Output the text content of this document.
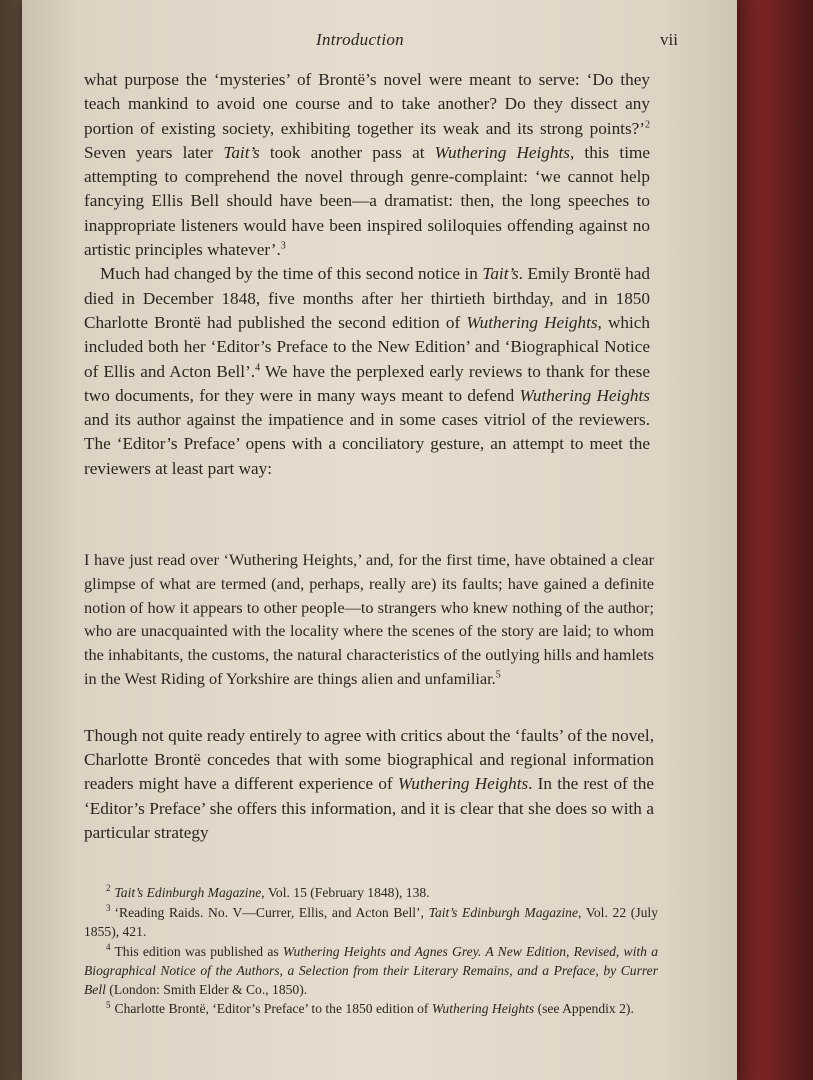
Introduction	vii

what purpose the ‘mysteries’ of Brontë’s novel were meant to serve: ‘Do they teach mankind to avoid one course and to take another? Do they dissect any portion of existing society, exhibiting together its weak and its strong points?’$^2$ Seven years later Tait’s took another pass at Wuthering Heights, this time attempting to comprehend the novel through genre-complaint: ‘we cannot help fancying Ellis Bell should have been—a dramatist: then, the long speeches to inappropriate listeners would have been inspired soliloquies offending against no artistic principles whatever’.$^3$

Much had changed by the time of this second notice in Tait’s. Emily Brontë had died in December 1848, five months after her thirtieth birthday, and in 1850 Charlotte Brontë had published the second edition of Wuthering Heights, which included both her ‘Editor’s Preface to the New Edition’ and ‘Biographical Notice of Ellis and Acton Bell’.$^4$ We have the perplexed early reviews to thank for these two documents, for they were in many ways meant to defend Wuthering Heights and its author against the impatience and in some cases vitriol of the reviewers. The ‘Editor’s Preface’ opens with a conciliatory gesture, an attempt to meet the reviewers at least part way:

I have just read over ‘Wuthering Heights,’ and, for the first time, have obtained a clear glimpse of what are termed (and, perhaps, really are) its faults; have gained a definite notion of how it appears to other people—to strangers who knew nothing of the author; who are unacquainted with the locality where the scenes of the story are laid; to whom the inhabitants, the customs, the natural characteristics of the outlying hills and hamlets in the West Riding of Yorkshire are things alien and unfamiliar.$^5$
Though not quite ready entirely to agree with critics about the ‘faults’ of the novel, Charlotte Brontë concedes that with some biographical and regional information readers might have a different experience of Wuthering Heights. In the rest of the ‘Editor’s Preface’ she offers this information, and it is clear that she does so with a particular strategy

$^2$ Tait’s Edinburgh Magazine, Vol. 15 (February 1848), 138.

$^3$ ‘Reading Raids. No. V—Currer, Ellis, and Acton Bell’, Tait’s Edinburgh Magazine, Vol. 22 (July 1855), 421.

$^4$ This edition was published as Wuthering Heights and Agnes Grey. A New Edition, Revised, with a Biographical Notice of the Authors, a Selection from their Literary Remains, and a Preface, by Currer Bell (London: Smith Elder & Co., 1850).

$^5$ Charlotte Brontë, ‘Editor’s Preface’ to the 1850 edition of Wuthering Heights (see Appendix 2).
